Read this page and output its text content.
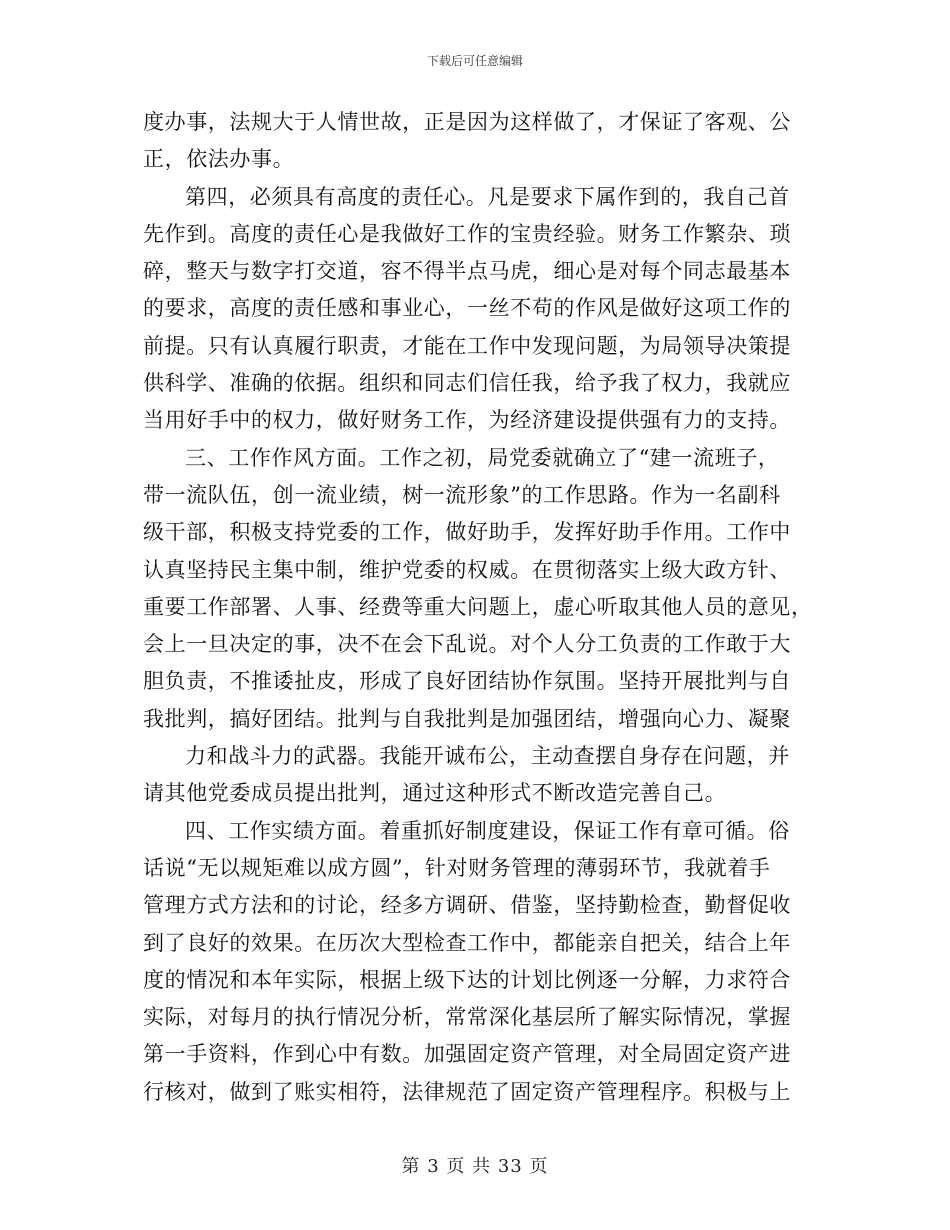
下载后可任意编辑
度办事，法规大于人情世故，正是因为这样做了，才保证了客观、公
正，依法办事。
第四，必须具有高度的责任心。凡是要求下属作到的，我自己首
先作到。高度的责任心是我做好工作的宝贵经验。财务工作繁杂、琐
碎，整天与数字打交道，容不得半点马虎，细心是对每个同志最基本
的要求，高度的责任感和事业心，一丝不苟的作风是做好这项工作的
前提。只有认真履行职责，才能在工作中发现问题，为局领导决策提
供科学、准确的依据。组织和同志们信任我，给予我了权力，我就应
当用好手中的权力，做好财务工作，为经济建设提供强有力的支持。
三、工作作风方面。工作之初，局党委就确立了“建一流班子，
带一流队伍，创一流业绩，树一流形象”的工作思路。作为一名副科
级干部，积极支持党委的工作，做好助手，发挥好助手作用。工作中
认真坚持民主集中制，维护党委的权威。在贯彻落实上级大政方针、
重要工作部署、人事、经费等重大问题上，虚心听取其他人员的意见，
会上一旦决定的事，决不在会下乱说。对个人分工负责的工作敢于大
胆负责，不推诿扯皮，形成了良好团结协作氛围。坚持开展批判与自
我批判，搞好团结。批判与自我批判是加强团结，增强向心力、凝聚
力和战斗力的武器。我能开诚布公，主动查摆自身存在问题，并
请其他党委成员提出批判，通过这种形式不断改造完善自己。
四、工作实绩方面。着重抓好制度建设，保证工作有章可循。俗
话说“无以规矩难以成方圆”，针对财务管理的薄弱环节，我就着手
管理方式方法和的讨论，经多方调研、借鉴，坚持勤检查，勤督促收
到了良好的效果。在历次大型检查工作中，都能亲自把关，结合上年
度的情况和本年实际，根据上级下达的计划比例逐一分解，力求符合
实际，对每月的执行情况分析，常常深化基层所了解实际情况，掌握
第一手资料，作到心中有数。加强固定资产管理，对全局固定资产进
行核对，做到了账实相符，法律规范了固定资产管理程序。积极与上
第 3 页 共 33 页
